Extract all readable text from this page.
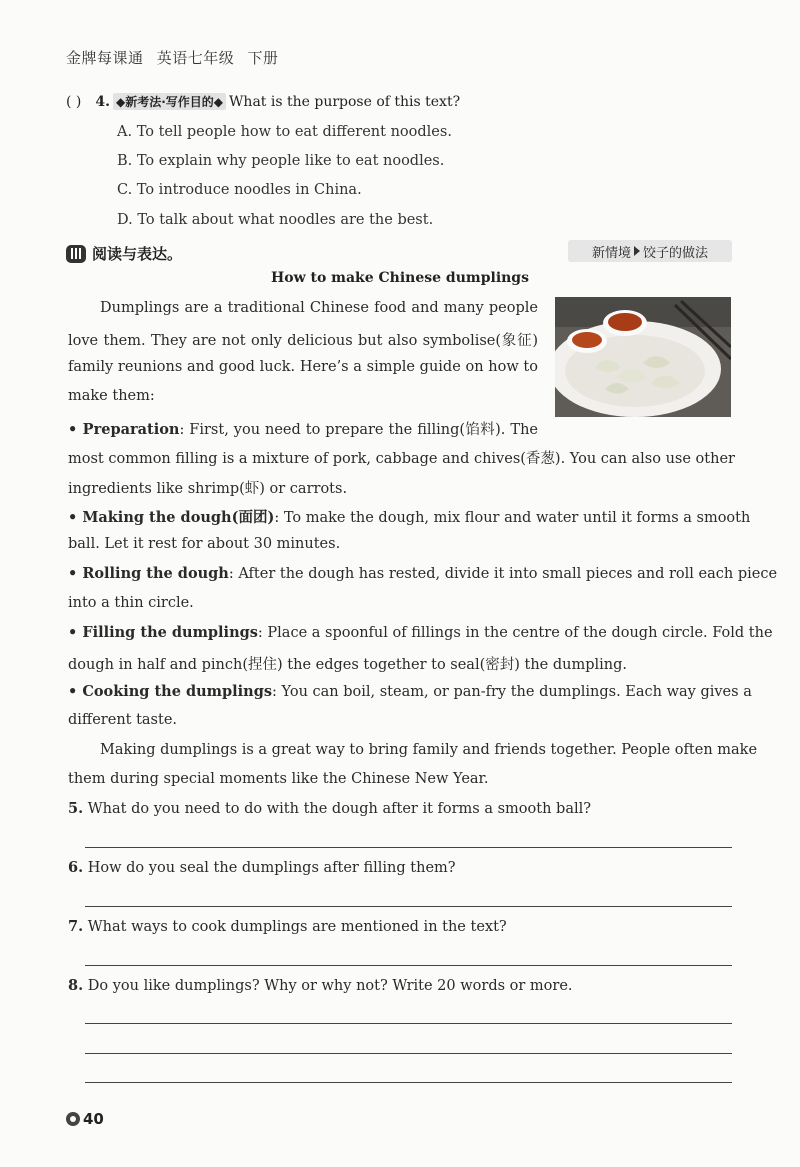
金牌每课通 英语七年级 下册
( ) 4. ◆新考法·写作目的◆ What is the purpose of this text?
A. To tell people how to eat different noodles.
B. To explain why people like to eat noodles.
C. To introduce noodles in China.
D. To talk about what noodles are the best.
阅读与表达。	新情境 饺子的做法
How to make Chinese dumplings
Dumplings are a traditional Chinese food and many people
love them. They are not only delicious but also symbolise(象征)
family reunions and good luck. Here’s a simple guide on how to
make them:
• Preparation: First, you need to prepare the filling(馅料). The
most common filling is a mixture of pork, cabbage and chives(香葱). You can also use other
ingredients like shrimp(虾) or carrots.
• Making the dough(面团): To make the dough, mix flour and water until it forms a smooth
ball. Let it rest for about 30 minutes.
• Rolling the dough: After the dough has rested, divide it into small pieces and roll each piece
into a thin circle.
• Filling the dumplings: Place a spoonful of fillings in the centre of the dough circle. Fold the
dough in half and pinch(捏住) the edges together to seal(密封) the dumpling.
• Cooking the dumplings: You can boil, steam, or pan-fry the dumplings. Each way gives a
different taste.
Making dumplings is a great way to bring family and friends together. People often make
them during special moments like the Chinese New Year.
5. What do you need to do with the dough after it forms a smooth ball?
6. How do you seal the dumplings after filling them?
7. What ways to cook dumplings are mentioned in the text?
8. Do you like dumplings? Why or why not? Write 20 words or more.
40
